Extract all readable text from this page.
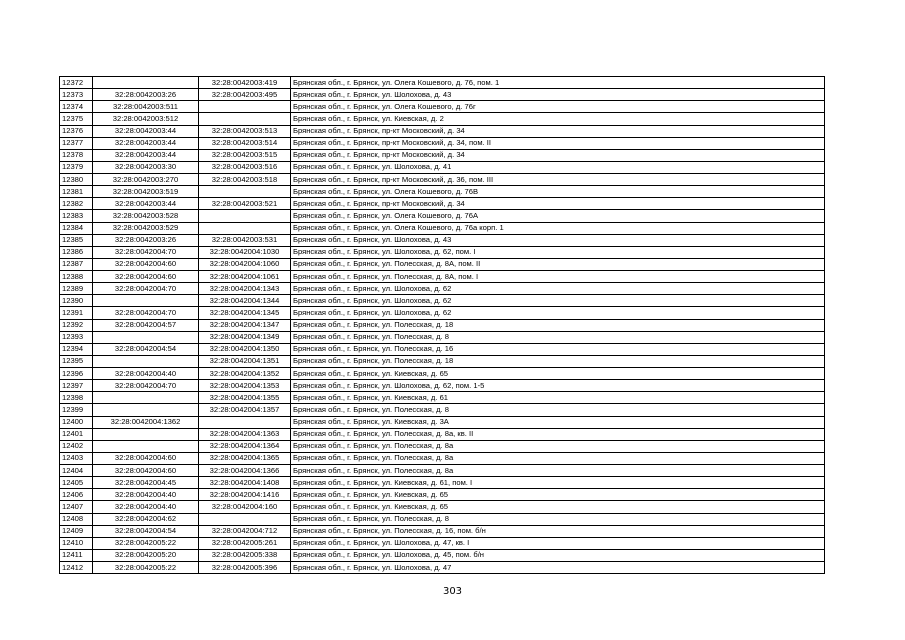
12372		32:28:0042003:419	Брянская обл., г. Брянск, ул. Олега Кошевого, д. 76, пом. 1
12373	32:28:0042003:26	32:28:0042003:495	Брянская обл., г. Брянск, ул. Шолохова, д. 43
12374	32:28:0042003:511		Брянская обл., г. Брянск, ул. Олега Кошевого, д. 76г
12375	32:28:0042003:512		Брянская обл., г. Брянск, ул. Киевская, д. 2
12376	32:28:0042003:44	32:28:0042003:513	Брянская обл., г. Брянск, пр-кт Московский, д. 34
12377	32:28:0042003:44	32:28:0042003:514	Брянская обл., г. Брянск, пр-кт Московский, д. 34, пом. II
12378	32:28:0042003:44	32:28:0042003:515	Брянская обл., г. Брянск, пр-кт Московский, д. 34
12379	32:28:0042003:30	32:28:0042003:516	Брянская обл., г. Брянск, ул. Шолохова, д. 41
12380	32:28:0042003:270	32:28:0042003:518	Брянская обл., г. Брянск, пр-кт Московский, д. 36, пом. III
12381	32:28:0042003:519		Брянская обл., г. Брянск, ул. Олега Кошевого, д. 76В
12382	32:28:0042003:44	32:28:0042003:521	Брянская обл., г. Брянск, пр-кт Московский, д. 34
12383	32:28:0042003:528		Брянская обл., г. Брянск, ул. Олега Кошевого, д. 76А
12384	32:28:0042003:529		Брянская обл., г. Брянск, ул. Олега Кошевого, д. 76а корп. 1
12385	32:28:0042003:26	32:28:0042003:531	Брянская обл., г. Брянск, ул. Шолохова, д. 43
12386	32:28:0042004:70	32:28:0042004:1030	Брянская обл., г. Брянск, ул. Шолохова, д. 62, пом. I
12387	32:28:0042004:60	32:28:0042004:1060	Брянская обл., г. Брянск, ул. Полесская, д. 8А, пом. II
12388	32:28:0042004:60	32:28:0042004:1061	Брянская обл., г. Брянск, ул. Полесская, д. 8А, пом. I
12389	32:28:0042004:70	32:28:0042004:1343	Брянская обл., г. Брянск, ул. Шолохова, д. 62
12390		32:28:0042004:1344	Брянская обл., г. Брянск, ул. Шолохова, д. 62
12391	32:28:0042004:70	32:28:0042004:1345	Брянская обл., г. Брянск, ул. Шолохова, д. 62
12392	32:28:0042004:57	32:28:0042004:1347	Брянская обл., г. Брянск, ул. Полесская, д. 18
12393		32:28:0042004:1349	Брянская обл., г. Брянск, ул. Полесская, д. 8
12394	32:28:0042004:54	32:28:0042004:1350	Брянская обл., г. Брянск, ул. Полесская, д. 16
12395		32:28:0042004:1351	Брянская обл., г. Брянск, ул. Полесская, д. 18
12396	32:28:0042004:40	32:28:0042004:1352	Брянская обл., г. Брянск, ул. Киевская, д. 65
12397	32:28:0042004:70	32:28:0042004:1353	Брянская обл., г. Брянск, ул. Шолохова, д. 62, пом. 1-5
12398		32:28:0042004:1355	Брянская обл., г. Брянск, ул. Киевская, д. 61
12399		32:28:0042004:1357	Брянская обл., г. Брянск, ул. Полесская, д. 8
12400	32:28:0042004:1362		Брянская обл., г. Брянск, ул. Киевская, д. 3А
12401		32:28:0042004:1363	Брянская обл., г. Брянск, ул. Полесская, д. 8а, кв. II
12402		32:28:0042004:1364	Брянская обл., г. Брянск, ул. Полесская, д. 8а
12403	32:28:0042004:60	32:28:0042004:1365	Брянская обл., г. Брянск, ул. Полесская, д. 8а
12404	32:28:0042004:60	32:28:0042004:1366	Брянская обл., г. Брянск, ул. Полесская, д. 8а
12405	32:28:0042004:45	32:28:0042004:1408	Брянская обл., г. Брянск, ул. Киевская, д. 61, пом. I
12406	32:28:0042004:40	32:28:0042004:1416	Брянская обл., г. Брянск, ул. Киевская, д. 65
12407	32:28:0042004:40	32:28:0042004:160	Брянская обл., г. Брянск, ул. Киевская, д. 65
12408	32:28:0042004:62		Брянская обл., г. Брянск, ул. Полесская, д. 8
12409	32:28:0042004:54	32:28:0042004:712	Брянская обл., г. Брянск, ул. Полесская, д. 16, пом. б/н
12410	32:28:0042005:22	32:28:0042005:261	Брянская обл., г. Брянск, ул. Шолохова, д. 47, кв. I
12411	32:28:0042005:20	32:28:0042005:338	Брянская обл., г. Брянск, ул. Шолохова, д. 45, пом. б/н
12412	32:28:0042005:22	32:28:0042005:396	Брянская обл., г. Брянск, ул. Шолохова, д. 47
303
